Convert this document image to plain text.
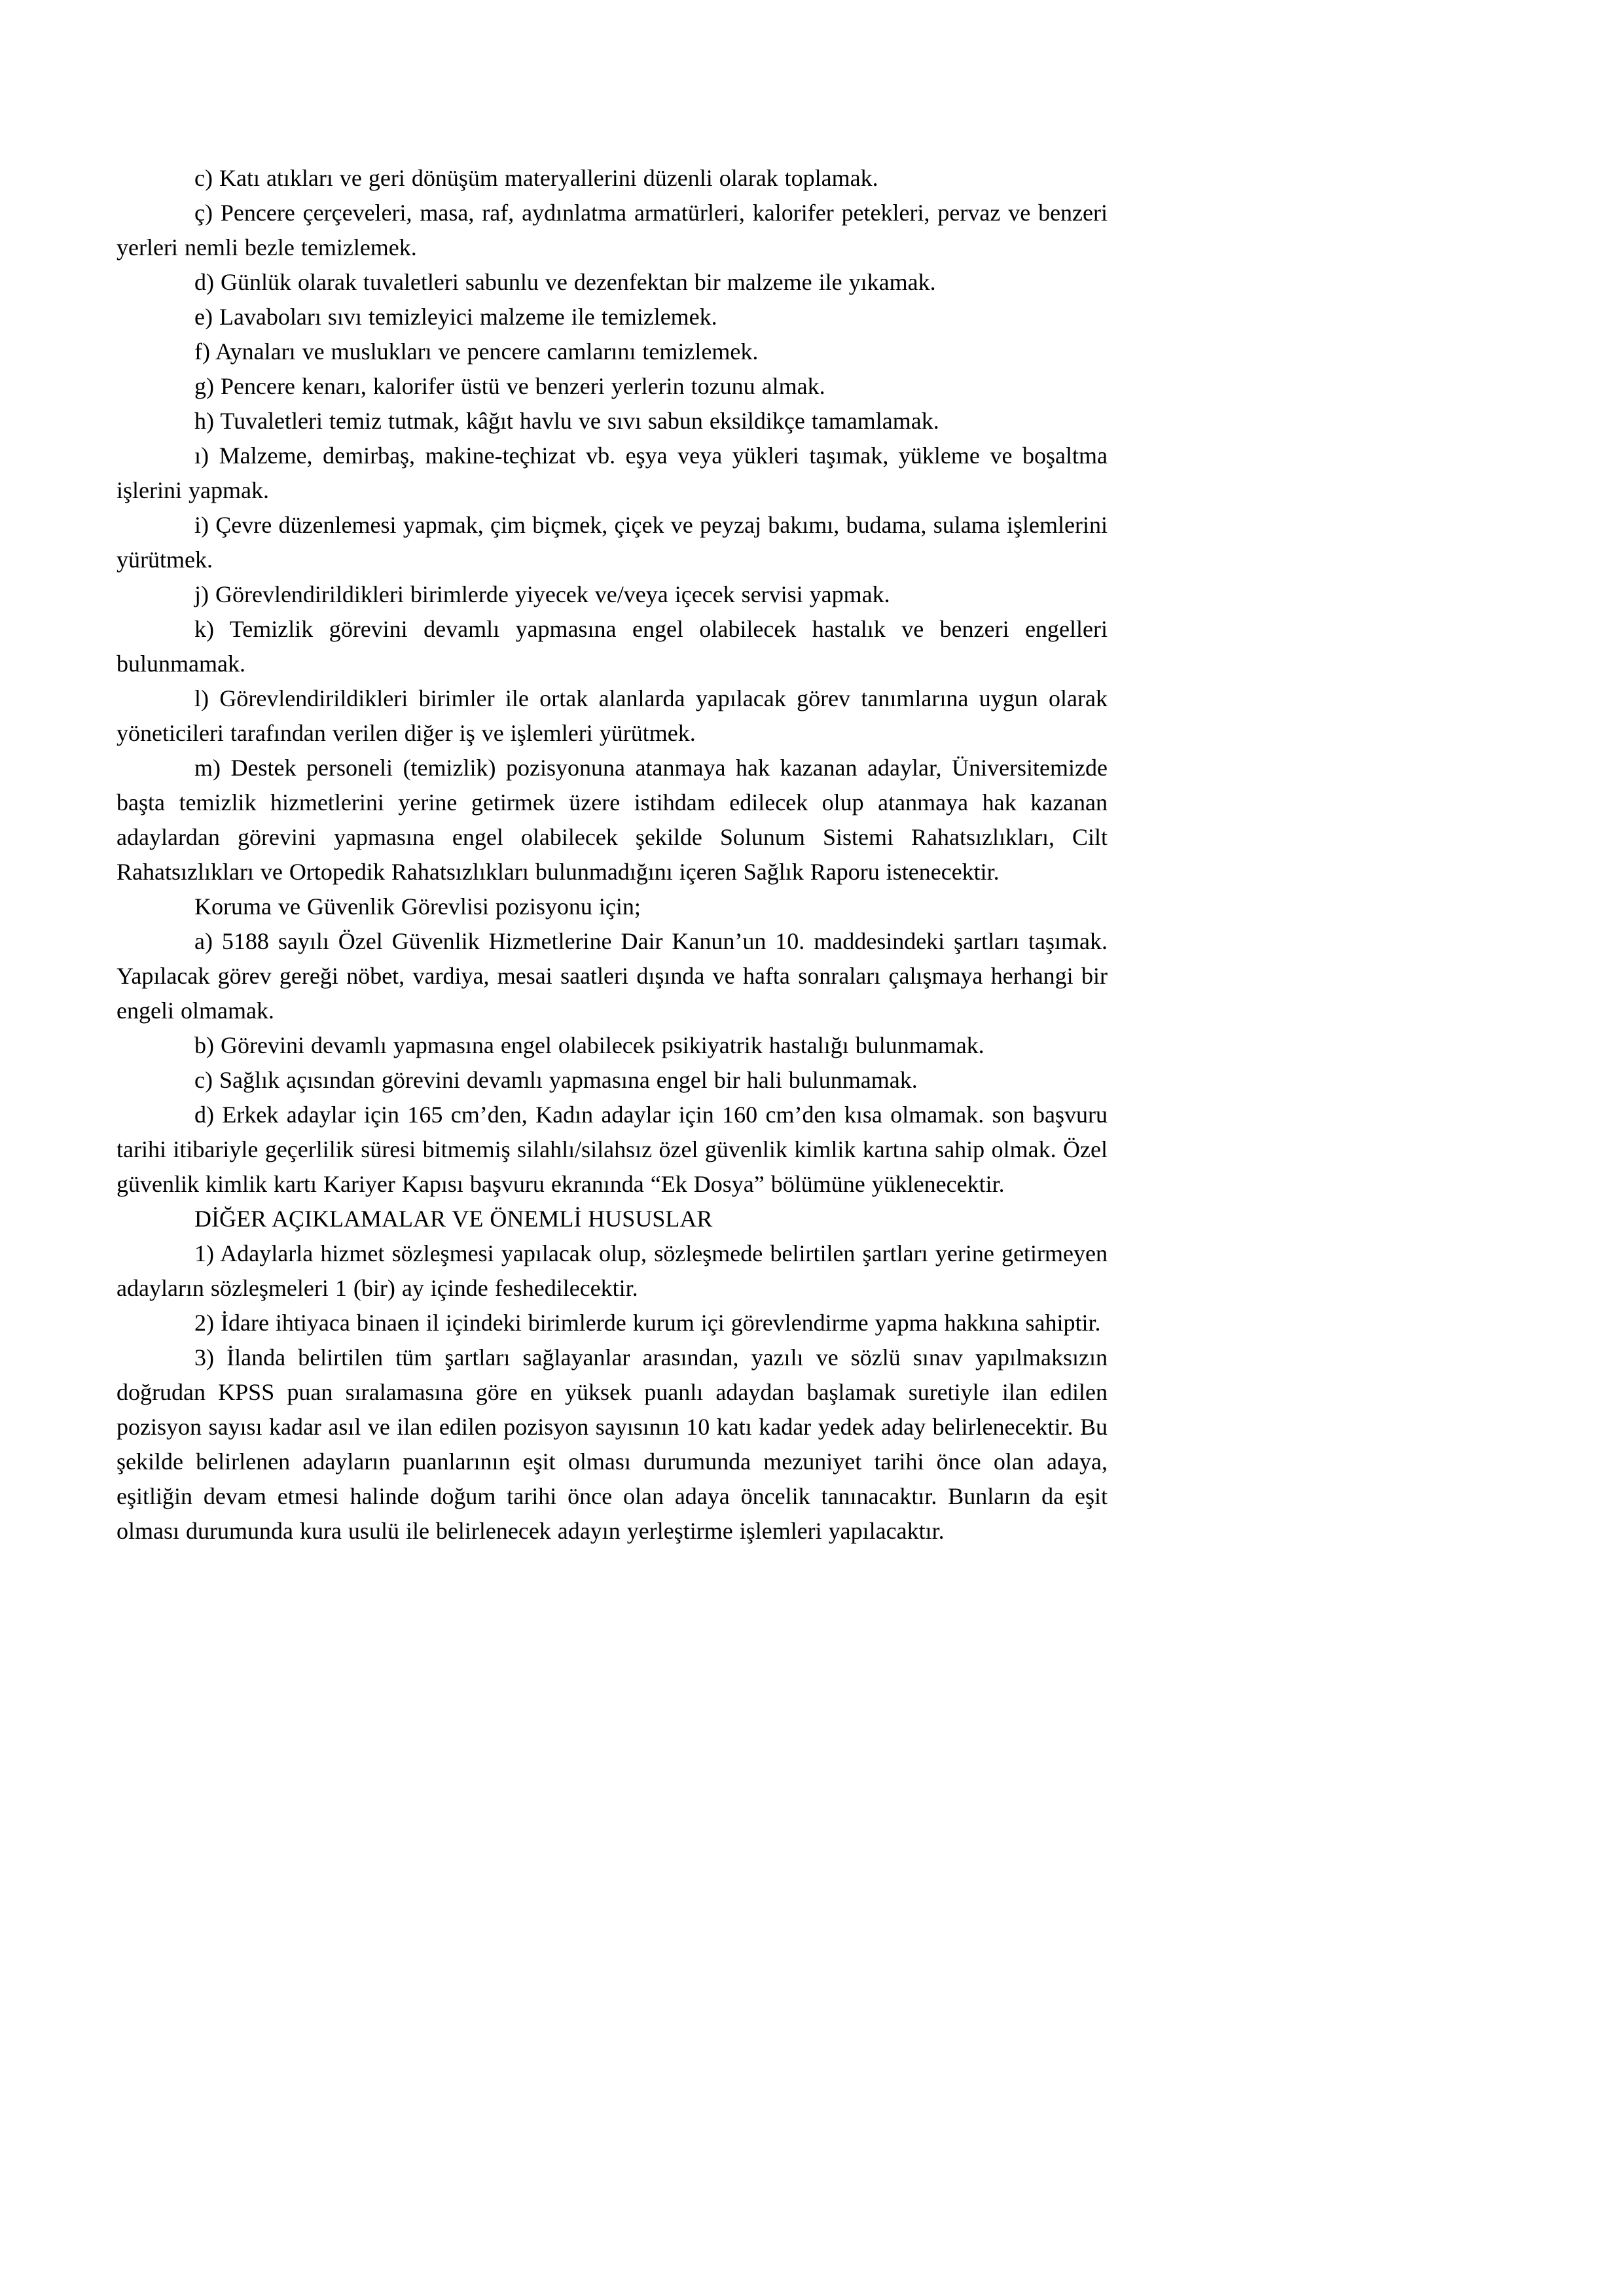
c) Katı atıkları ve geri dönüşüm materyallerini düzenli olarak toplamak.

ç) Pencere çerçeveleri, masa, raf, aydınlatma armatürleri, kalorifer petekleri, pervaz ve benzeri yerleri nemli bezle temizlemek.

d) Günlük olarak tuvaletleri sabunlu ve dezenfektan bir malzeme ile yıkamak.

e) Lavaboları sıvı temizleyici malzeme ile temizlemek.

f) Aynaları ve muslukları ve pencere camlarını temizlemek.

g) Pencere kenarı, kalorifer üstü ve benzeri yerlerin tozunu almak.

h) Tuvaletleri temiz tutmak, kâğıt havlu ve sıvı sabun eksildikçe tamamlamak.

ı) Malzeme, demirbaş, makine-teçhizat vb. eşya veya yükleri taşımak, yükleme ve boşaltma işlerini yapmak.

i) Çevre düzenlemesi yapmak, çim biçmek, çiçek ve peyzaj bakımı, budama, sulama işlemlerini yürütmek.

j) Görevlendirildikleri birimlerde yiyecek ve/veya içecek servisi yapmak.

k) Temizlik görevini devamlı yapmasına engel olabilecek hastalık ve benzeri engelleri bulunmamak.

l) Görevlendirildikleri birimler ile ortak alanlarda yapılacak görev tanımlarına uygun olarak yöneticileri tarafından verilen diğer iş ve işlemleri yürütmek.

m) Destek personeli (temizlik) pozisyonuna atanmaya hak kazanan adaylar, Üniversitemizde başta temizlik hizmetlerini yerine getirmek üzere istihdam edilecek olup atanmaya hak kazanan adaylardan görevini yapmasına engel olabilecek şekilde Solunum Sistemi Rahatsızlıkları, Cilt Rahatsızlıkları ve Ortopedik Rahatsızlıkları bulunmadığını içeren Sağlık Raporu istenecektir.

Koruma ve Güvenlik Görevlisi pozisyonu için;

a) 5188 sayılı Özel Güvenlik Hizmetlerine Dair Kanun’un 10. maddesindeki şartları taşımak. Yapılacak görev gereği nöbet, vardiya, mesai saatleri dışında ve hafta sonraları çalışmaya herhangi bir engeli olmamak.

b) Görevini devamlı yapmasına engel olabilecek psikiyatrik hastalığı bulunmamak.

c) Sağlık açısından görevini devamlı yapmasına engel bir hali bulunmamak.

d) Erkek adaylar için 165 cm’den, Kadın adaylar için 160 cm’den kısa olmamak. son başvuru tarihi itibariyle geçerlilik süresi bitmemiş silahlı/silahsız özel güvenlik kimlik kartına sahip olmak. Özel güvenlik kimlik kartı Kariyer Kapısı başvuru ekranında “Ek Dosya” bölümüne yüklenecektir.

DİĞER AÇIKLAMALAR VE ÖNEMLİ HUSUSLAR

1) Adaylarla hizmet sözleşmesi yapılacak olup, sözleşmede belirtilen şartları yerine getirmeyen adayların sözleşmeleri 1 (bir) ay içinde feshedilecektir.

2) İdare ihtiyaca binaen il içindeki birimlerde kurum içi görevlendirme yapma hakkına sahiptir.

3) İlanda belirtilen tüm şartları sağlayanlar arasından, yazılı ve sözlü sınav yapılmaksızın doğrudan KPSS puan sıralamasına göre en yüksek puanlı adaydan başlamak suretiyle ilan edilen pozisyon sayısı kadar asıl ve ilan edilen pozisyon sayısının 10 katı kadar yedek aday belirlenecektir. Bu şekilde belirlenen adayların puanlarının eşit olması durumunda mezuniyet tarihi önce olan adaya, eşitliğin devam etmesi halinde doğum tarihi önce olan adaya öncelik tanınacaktır. Bunların da eşit olması durumunda kura usulü ile belirlenecek adayın yerleştirme işlemleri yapılacaktır.
